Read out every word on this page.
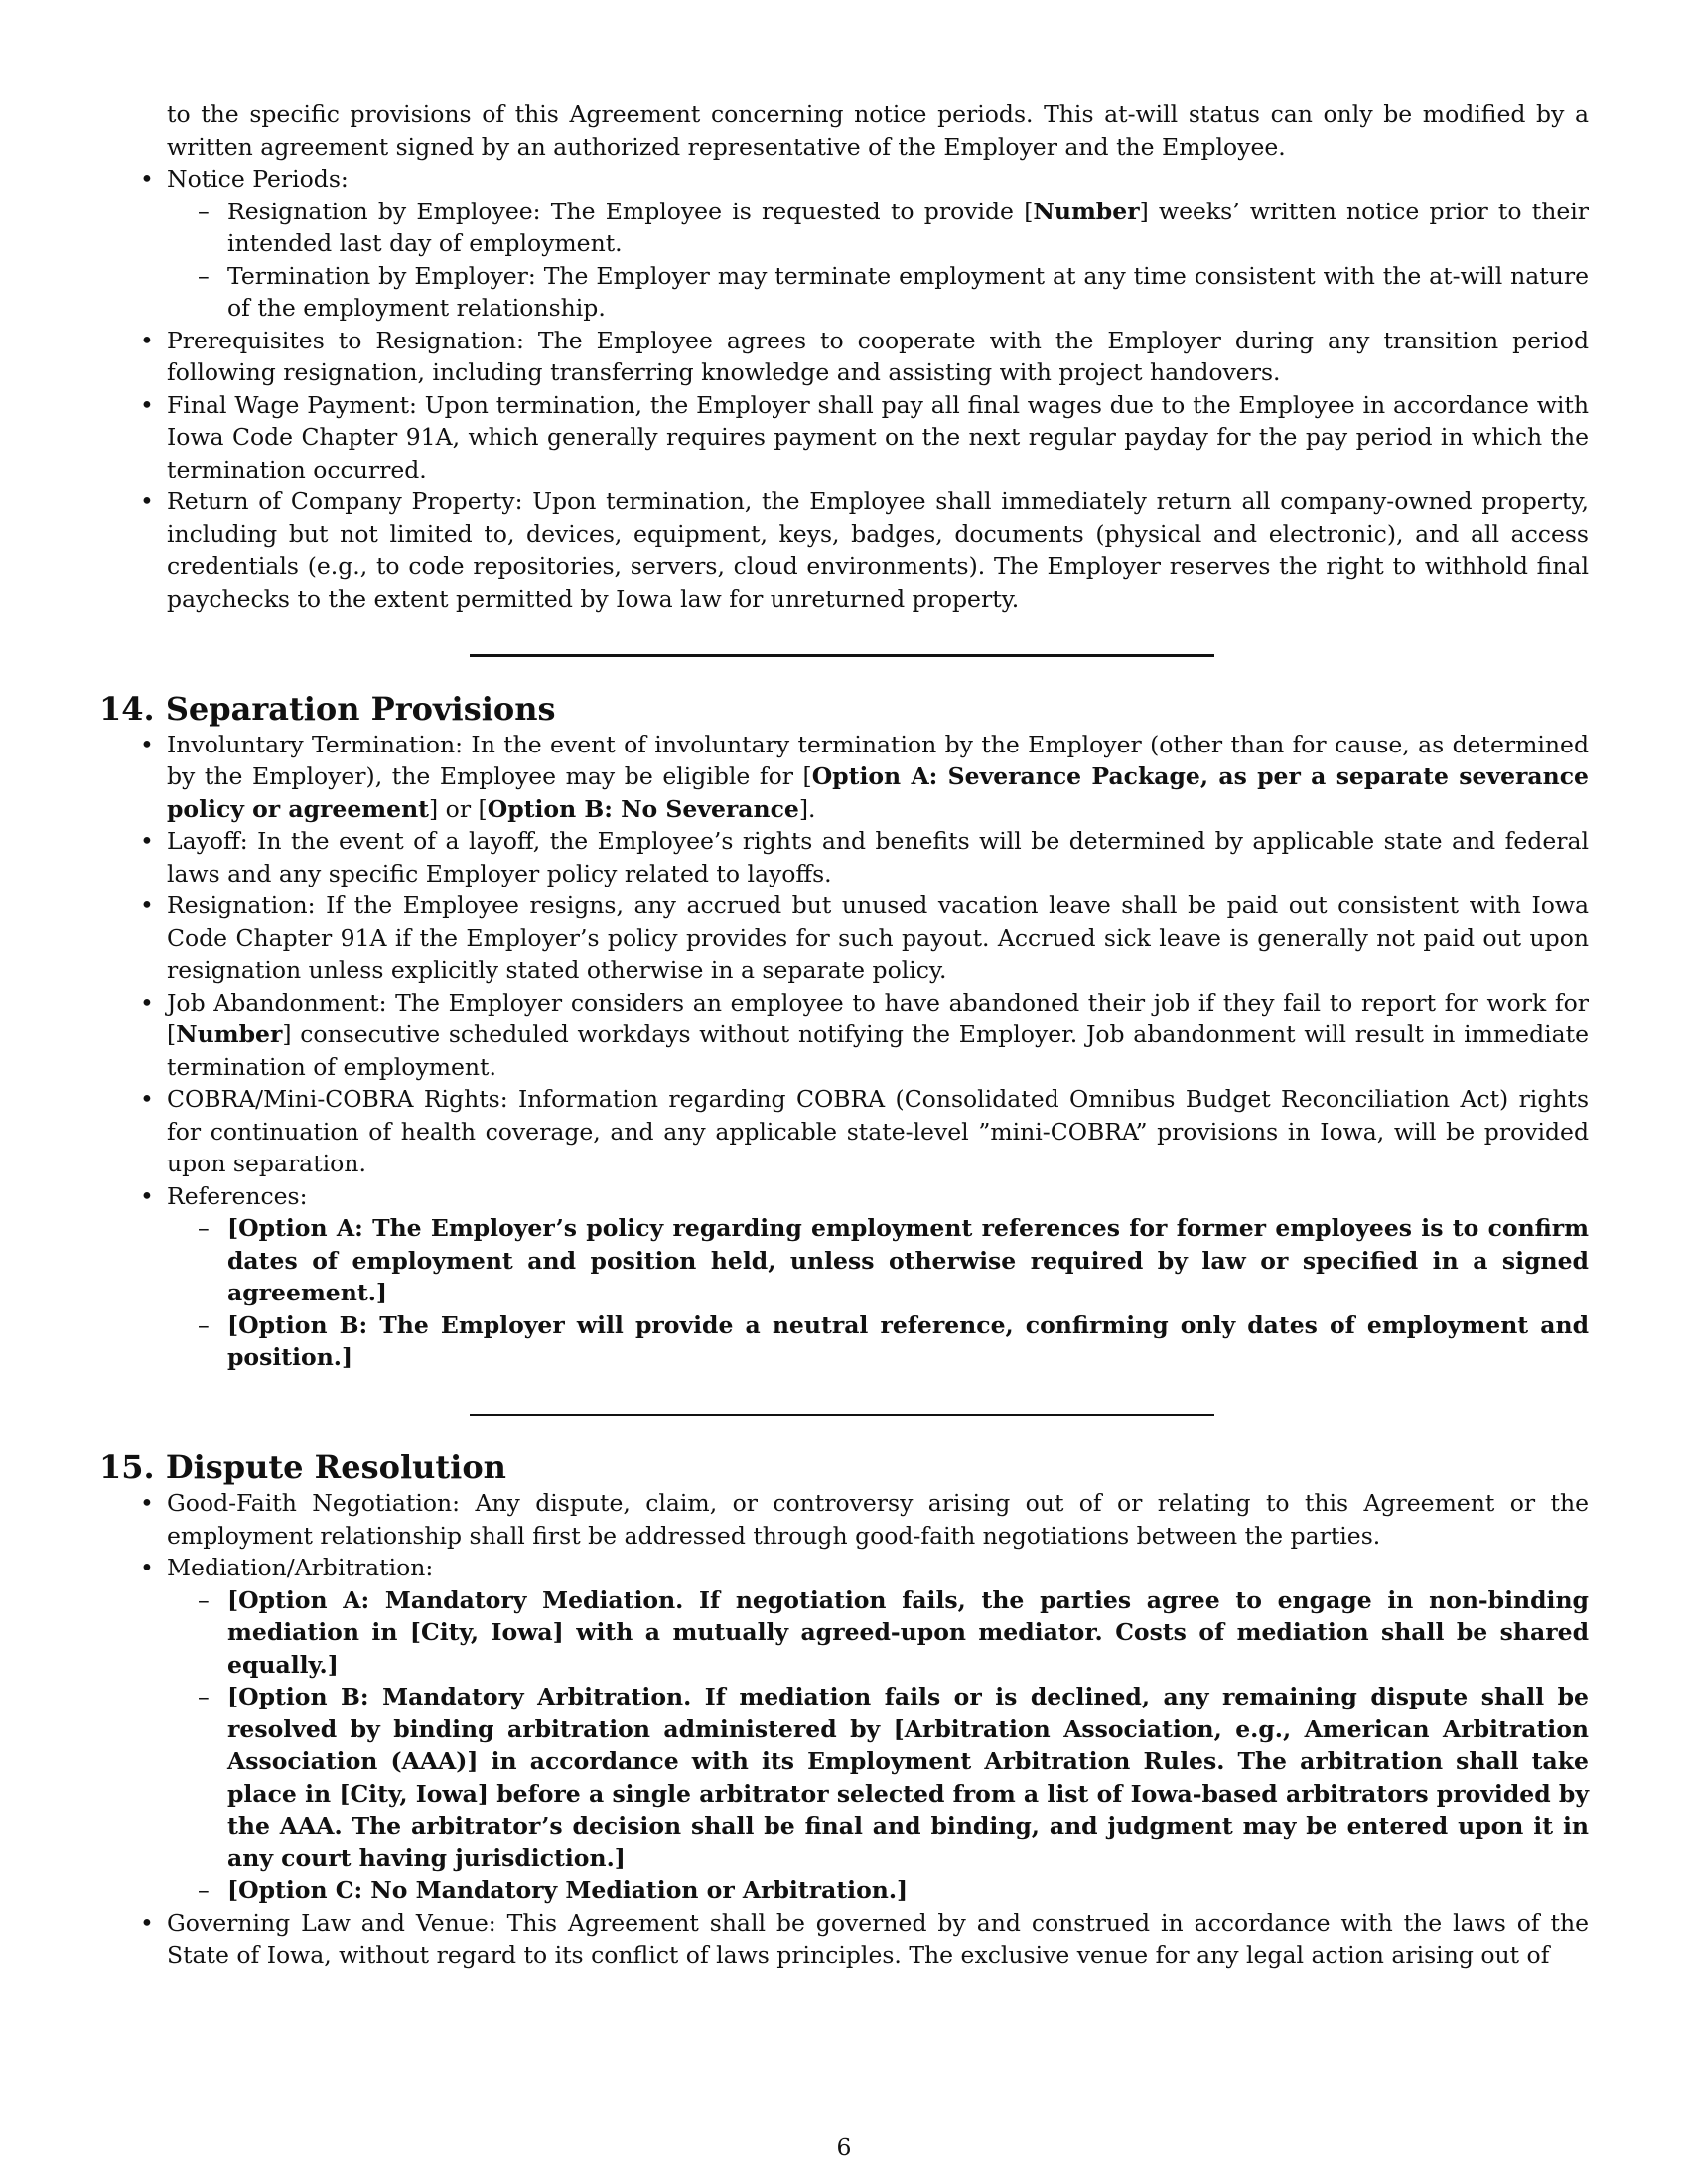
to the specific provisions of this Agreement concerning notice periods. This at-will status can only be modified by a written agreement signed by an authorized representative of the Employer and the Employee.

• Notice Periods:
– Resignation by Employee: The Employee is requested to provide [Number] weeks’ written notice prior to their intended last day of employment.
– Termination by Employer: The Employer may terminate employment at any time consistent with the at-will nature of the employment relationship.
• Prerequisites to Resignation: The Employee agrees to cooperate with the Employer during any transition period following resignation, including transferring knowledge and assisting with project handovers.
• Final Wage Payment: Upon termination, the Employer shall pay all final wages due to the Employee in accordance with Iowa Code Chapter 91A, which generally requires payment on the next regular payday for the pay period in which the termination occurred.
• Return of Company Property: Upon termination, the Employee shall immediately return all company-owned property, including but not limited to, devices, equipment, keys, badges, documents (physical and electronic), and all access credentials (e.g., to code repositories, servers, cloud environments). The Employer reserves the right to withhold final paychecks to the extent permitted by Iowa law for unreturned property.
14. Separation Provisions
• Involuntary Termination: In the event of involuntary termination by the Employer (other than for cause, as determined by the Employer), the Employee may be eligible for [Option A: Severance Package, as per a separate severance policy or agreement] or [Option B: No Severance].
• Layoff: In the event of a layoff, the Employee’s rights and benefits will be determined by applicable state and federal laws and any specific Employer policy related to layoffs.
• Resignation: If the Employee resigns, any accrued but unused vacation leave shall be paid out consistent with Iowa Code Chapter 91A if the Employer’s policy provides for such payout. Accrued sick leave is generally not paid out upon resignation unless explicitly stated otherwise in a separate policy.
• Job Abandonment: The Employer considers an employee to have abandoned their job if they fail to report for work for [Number] consecutive scheduled workdays without notifying the Employer. Job abandonment will result in immediate termination of employment.
• COBRA/Mini-COBRA Rights: Information regarding COBRA (Consolidated Omnibus Budget Reconciliation Act) rights for continuation of health coverage, and any applicable state-level ”mini-COBRA” provisions in Iowa, will be provided upon separation.
• References:
– [Option A: The Employer’s policy regarding employment references for former employees is to confirm dates of employment and position held, unless otherwise required by law or specified in a signed agreement.]
– [Option B: The Employer will provide a neutral reference, confirming only dates of employment and position.]
15. Dispute Resolution
• Good-Faith Negotiation: Any dispute, claim, or controversy arising out of or relating to this Agreement or the employment relationship shall first be addressed through good-faith negotiations between the parties.
• Mediation/Arbitration:
– [Option A: Mandatory Mediation. If negotiation fails, the parties agree to engage in non-binding mediation in [City, Iowa] with a mutually agreed-upon mediator. Costs of mediation shall be shared equally.]
– [Option B: Mandatory Arbitration. If mediation fails or is declined, any remaining dispute shall be resolved by binding arbitration administered by [Arbitration Association, e.g., American Arbitration Association (AAA)] in accordance with its Employment Arbitration Rules. The arbitration shall take place in [City, Iowa] before a single arbitrator selected from a list of Iowa-based arbitrators provided by the AAA. The arbitrator’s decision shall be final and binding, and judgment may be entered upon it in any court having jurisdiction.]
– [Option C: No Mandatory Mediation or Arbitration.]
• Governing Law and Venue: This Agreement shall be governed by and construed in accordance with the laws of the State of Iowa, without regard to its conflict of laws principles. The exclusive venue for any legal action arising out of
6
